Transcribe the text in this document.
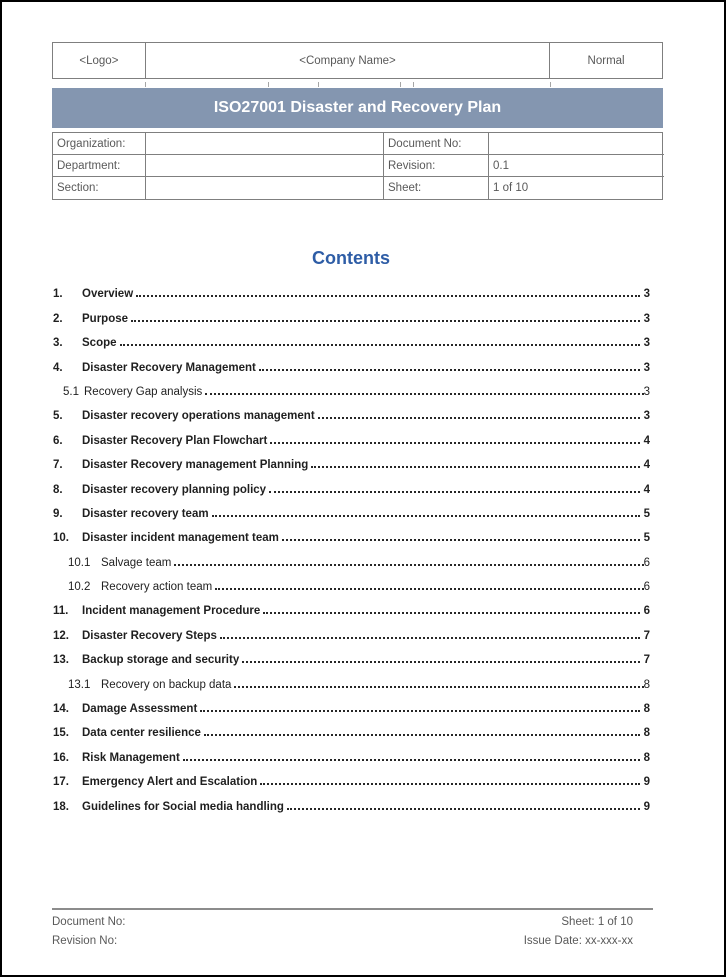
<Logo>	<Company Name>	Normal
ISO27001 Disaster and Recovery Plan
Organization:	Document No:
Department:	Revision:	0.1
Section:	Sheet:	1 of 10
Contents
1.	Overview	3
2.	Purpose	3
3.	Scope	3
4.	Disaster Recovery Management	3
5.1 Recovery Gap analysis	3
5.	Disaster recovery operations management	3
6.	Disaster Recovery Plan Flowchart	4
7.	Disaster Recovery management Planning	4
8.	Disaster recovery planning policy	4
9.	Disaster recovery team	5
10.	Disaster incident management team	5
10.1 Salvage team	6
10.2 Recovery action team	6
11.	Incident management Procedure	6
12.	Disaster Recovery Steps	7
13.	Backup storage and security	7
13.1 Recovery on backup data	8
14.	Damage Assessment	8
15.	Data center resilience	8
16.	Risk Management	8
17.	Emergency Alert and Escalation	9
18.	Guidelines for Social media handling	9
Document No:
Revision No:
Sheet: 1 of 10
Issue Date: xx-xxx-xx
